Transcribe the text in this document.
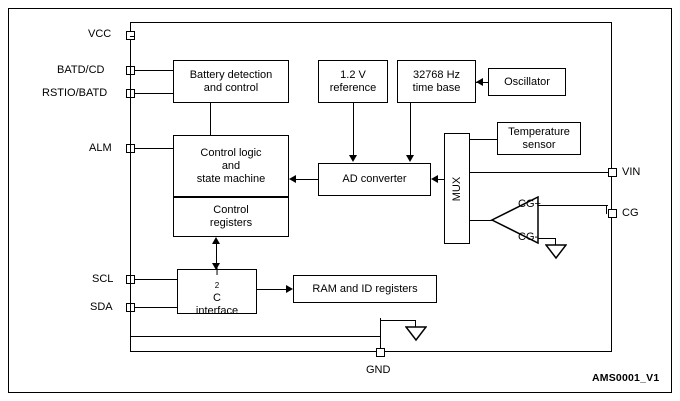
VCC
BATD/CD
RSTIO/BATD
ALM
SCL
SDA
VIN
CG
GND
Battery detection
and control
1.2 V
reference
32768 Hz
time base	Oscillator
Control logic
and
state machine
Control
registers
AD converter	MUX
Temperature
sensor
I
2
C
interface
RAM and ID registers
CG+
CG-
AMS0001_V1
